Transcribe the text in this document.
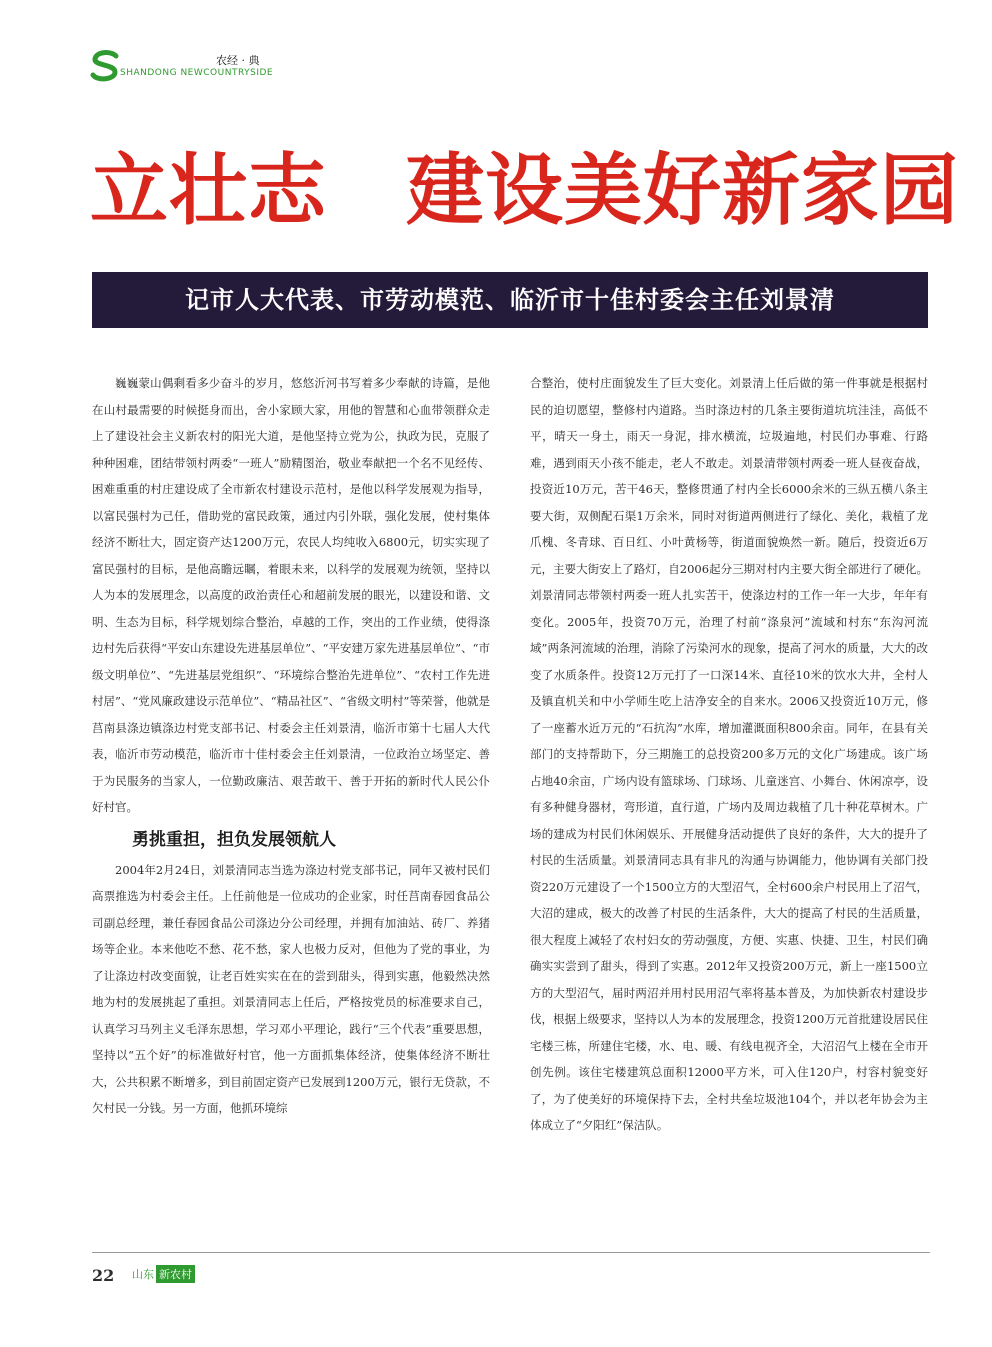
SHANDONG NEWCOUNTRYSIDE
农经 · 典
立壮志　建设美好新家园
记市人大代表、市劳动模范、临沂市十佳村委会主任刘景清

巍巍蒙山偶剩看多少奋斗的岁月，悠悠沂河书写着多少奉献的诗篇，是他在山村最需要的时候挺身而出，舍小家顾大家，用他的智慧和心血带领群众走上了建设社会主义新农村的阳光大道，是他坚持立党为公，执政为民，克服了种种困难，团结带领村两委“一班人”励精图治，敬业奉献把一个名不见经传、困难重重的村庄建设成了全市新农村建设示范村，是他以科学发展观为指导，以富民强村为己任，借助党的富民政策，通过内引外联，强化发展，使村集体经济不断壮大，固定资产达1200万元，农民人均纯收入6800元，切实实现了富民强村的目标，是他高瞻远瞩，着眼未来，以科学的发展观为统领，坚持以人为本的发展理念，以高度的政治责任心和超前发展的眼光，以建设和谐、文明、生态为目标，科学规划综合整治，卓越的工作，突出的工作业绩，使得涤边村先后获得“平安山东建设先进基层单位”、“平安建万家先进基层单位”、“市级文明单位”、“先进基层党组织”、“环境综合整治先进单位”、“农村工作先进村居”、“党风廉政建设示范单位”、“精品社区”、“省级文明村”等荣誉，他就是莒南县涤边镇涤边村党支部书记、村委会主任刘景清，临沂市第十七届人大代表，临沂市劳动模范，临沂市十佳村委会主任刘景清，一位政治立场坚定、善于为民服务的当家人，一位勤政廉洁、艰苦敢干、善于开拓的新时代人民公仆好村官。

勇挑重担，担负发展领航人

2004年2月24日，刘景清同志当选为涤边村党支部书记，同年又被村民们高票推选为村委会主任。上任前他是一位成功的企业家，时任莒南春园食品公司副总经理，兼任春园食品公司涤边分公司经理，并拥有加油站、砖厂、养猪场等企业。本来他吃不愁、花不愁，家人也极力反对，但他为了党的事业，为了让涤边村改变面貌，让老百姓实实在在的尝到甜头，得到实惠，他毅然决然地为村的发展挑起了重担。刘景清同志上任后，严格按党员的标准要求自己，认真学习马列主义毛泽东思想，学习邓小平理论，践行“三个代表”重要思想，坚持以“五个好”的标准做好村官，他一方面抓集体经济，使集体经济不断壮大，公共积累不断增多，到目前固定资产已发展到1200万元，银行无贷款，不欠村民一分钱。另一方面，他抓环境综

合整治，使村庄面貌发生了巨大变化。刘景清上任后做的第一件事就是根据村民的迫切愿望，整修村内道路。当时涤边村的几条主要街道坑坑洼洼，高低不平，晴天一身土，雨天一身泥，排水横流，垃圾遍地，村民们办事难、行路难，遇到雨天小孩不能走，老人不敢走。刘景清带领村两委一班人昼夜奋战，投资近10万元，苦干46天，整修贯通了村内全长6000余米的三纵五横八条主要大街，双侧配石渠1万余米，同时对街道两侧进行了绿化、美化，栽植了龙爪槐、冬青球、百日红、小叶黄杨等，街道面貌焕然一新。随后，投资近6万元，主要大街安上了路灯，自2006起分三期对村内主要大街全部进行了硬化。刘景清同志带领村两委一班人扎实苦干，使涤边村的工作一年一大步，年年有变化。2005年，投资70万元，治理了村前“涤泉河”流域和村东“东沟河流域”两条河流域的治理，消除了污染河水的现象，提高了河水的质量，大大的改变了水质条件。投资12万元打了一口深14米、直径10米的饮水大井，全村人及镇直机关和中小学师生吃上洁净安全的自来水。2006又投资近10万元，修了一座蓄水近万元的“石抗沟”水库，增加灌溉面积800余亩。同年，在县有关部门的支持帮助下，分三期施工的总投资200多万元的文化广场建成。该广场占地40余亩，广场内设有篮球场、门球场、儿童迷宫、小舞台、休闲凉亭，设有多种健身器材，弯形道，直行道，广场内及周边栽植了几十种花草树木。广场的建成为村民们休闲娱乐、开展健身活动提供了良好的条件，大大的提升了村民的生活质量。刘景清同志具有非凡的沟通与协调能力，他协调有关部门投资220万元建设了一个1500立方的大型沼气，全村600余户村民用上了沼气，大沼的建成，极大的改善了村民的生活条件，大大的提高了村民的生活质量，很大程度上减轻了农村妇女的劳动强度，方便、实惠、快捷、卫生，村民们确确实实尝到了甜头，得到了实惠。2012年又投资200万元，新上一座1500立方的大型沼气，届时两沼并用村民用沼气率将基本普及，为加快新农村建设步伐，根据上级要求，坚持以人为本的发展理念，投资1200万元首批建设居民住宅楼三栋，所建住宅楼，水、电、暖、有线电视齐全，大沼沼气上楼在全市开创先例。该住宅楼建筑总面积12000平方米，可入住120户，村容村貌变好了，为了使美好的环境保持下去，全村共垒垃圾池104个，并以老年协会为主体成立了“夕阳红”保洁队。

22 山东 新农村
